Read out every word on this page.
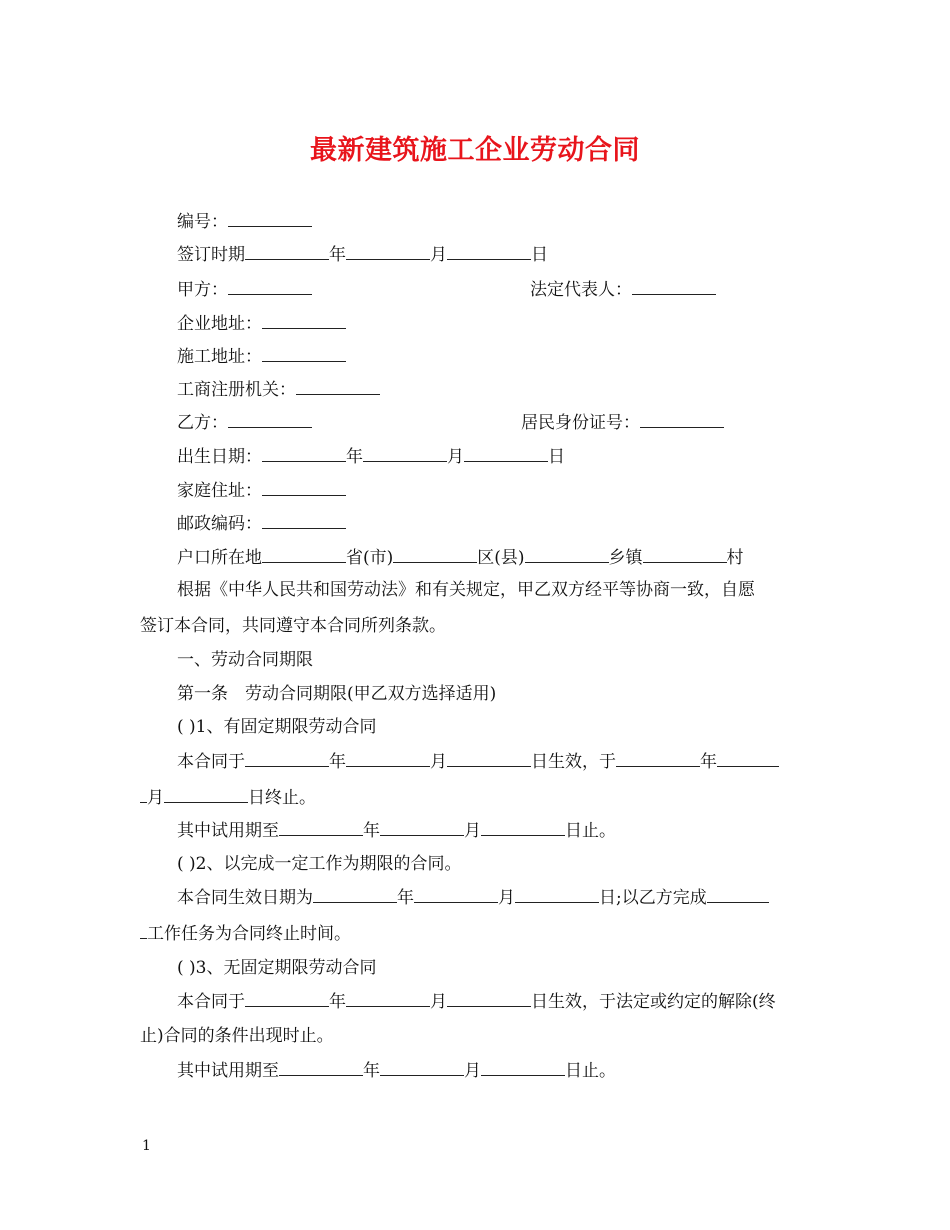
最新建筑施工企业劳动合同
编号：
签订时期	年	月	日
甲方：	法定代表人：
企业地址：
施工地址：
工商注册机关：
乙方：	居民身份证号：
出生日期：	年	月	日
家庭住址：
邮政编码：
户口所在地	省(市)	区(县)	乡镇	村
根据《中华人民共和国劳动法》和有关规定，甲乙双方经平等协商一致，自愿
签订本合同，共同遵守本合同所列条款。
一、劳动合同期限
第一条　劳动合同期限(甲乙双方选择适用)
( )1、有固定期限劳动合同
本合同于	年	月	日生效，于	年
月	日终止。
其中试用期至	年	月	日止。
( )2、以完成一定工作为期限的合同。
本合同生效日期为	年	月	日;以乙方完成
工作任务为合同终止时间。
( )3、无固定期限劳动合同
本合同于	年	月	日生效，于法定或约定的解除(终
止)合同的条件出现时止。
其中试用期至	年	月	日止。
1
